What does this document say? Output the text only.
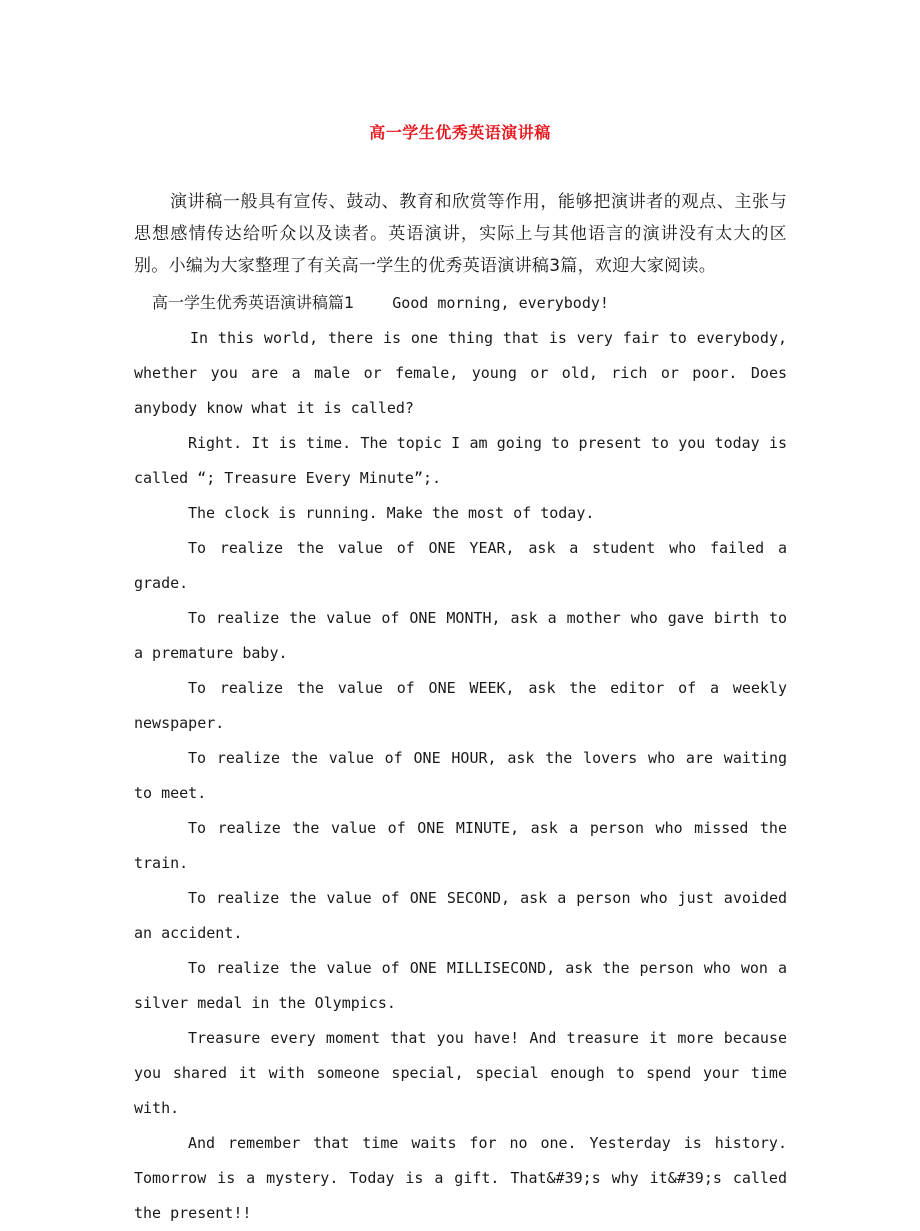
高一学生优秀英语演讲稿

演讲稿一般具有宣传、鼓动、教育和欣赏等作用，能够把演讲者的观点、主张与思想感情传达给听众以及读者。英语演讲，实际上与其他语言的演讲没有太大的区别。小编为大家整理了有关高一学生的优秀英语演讲稿3篇，欢迎大家阅读。

高一学生优秀英语演讲稿篇1	Good morning, everybody!

In this world, there is one thing that is very fair to everybody, whether you are a male or female, young or old, rich or poor. Does anybody know what it is called?

Right. It is time. The topic I am going to present to you today is called “; Treasure Every Minute”;.

The clock is running. Make the most of today.

To realize the value of ONE YEAR, ask a student who failed a grade.

To realize the value of ONE MONTH, ask a mother who gave birth to a premature baby.

To realize the value of ONE WEEK, ask the editor of a weekly newspaper.

To realize the value of ONE HOUR, ask the lovers who are waiting to meet.

To realize the value of ONE MINUTE, ask a person who missed the train.

To realize the value of ONE SECOND, ask a person who just avoided an accident.

To realize the value of ONE MILLISECOND, ask the person who won a silver medal in the Olympics.

Treasure every moment that you have! And treasure it more because you shared it with someone special, special enough to spend your time with.

And remember that time waits for no one. Yesterday is history. Tomorrow is a mystery. Today is a gift. That&#39;s why it&#39;s called the present!!
